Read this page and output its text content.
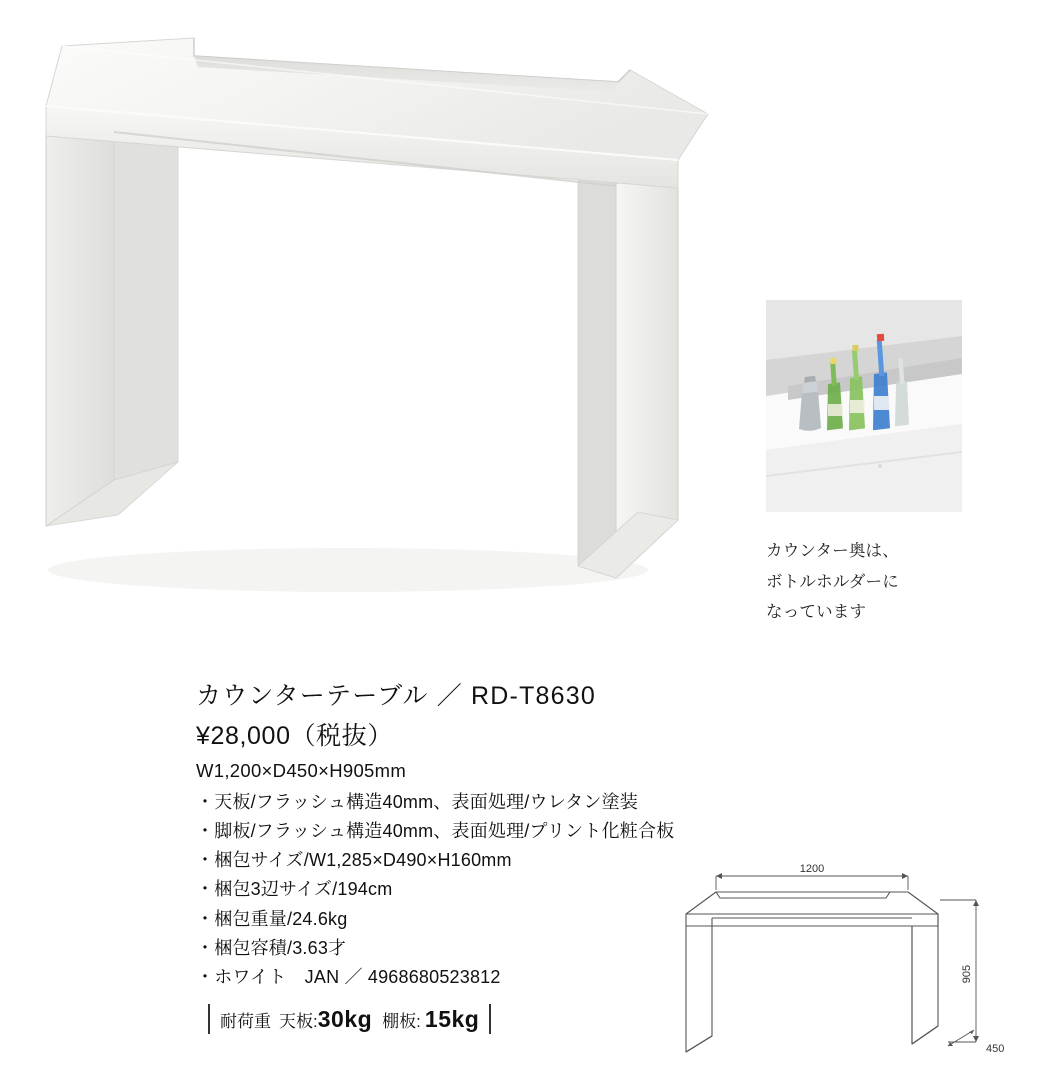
カウンター奥は、
ボトルホルダーに
なっています
カウンターテーブル ／ RD-T8630
¥28,000（税抜）
W1,200×D450×H905mm
・天板/フラッシュ構造40mm、表面処理/ウレタン塗装
・脚板/フラッシュ構造40mm、表面処理/プリント化粧合板
・梱包サイズ/W1,285×D490×H160mm
・梱包3辺サイズ/194cm
・梱包重量/24.6kg
・梱包容積/3.63才
・ホワイト　JAN ／ 4968680523812
耐荷重 天板: 30kg 棚板: 15kg
1200
905
450
